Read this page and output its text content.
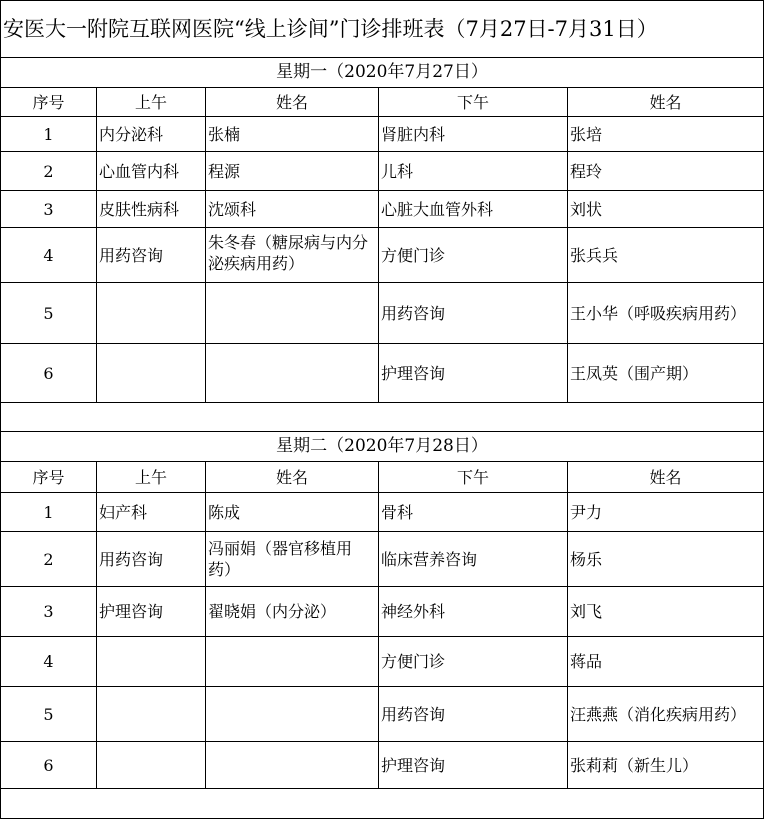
安医大一附院互联网医院“线上诊间”门诊排班表（7月27日-7月31日）				
星期一（2020年7月27日）				
序号	上午	姓名	下午	姓名
1	内分泌科	张楠	肾脏内科	张培
2	心血管内科	程源	儿科	程玲
3	皮肤性病科	沈颂科	心脏大血管外科	刘状
4	用药咨询	朱冬春（糖尿病与内分泌疾病用药）	方便门诊	张兵兵
5			用药咨询	王小华（呼吸疾病用药）
6			护理咨询	王凤英（围产期）

星期二（2020年7月28日）				
序号	上午	姓名	下午	姓名
1	妇产科	陈成	骨科	尹力
2	用药咨询	冯丽娟（器官移植用药）	临床营养咨询	杨乐
3	护理咨询	翟晓娟（内分泌）	神经外科	刘飞
4			方便门诊	蒋品
5			用药咨询	汪燕燕（消化疾病用药）
6			护理咨询	张莉莉（新生儿）
